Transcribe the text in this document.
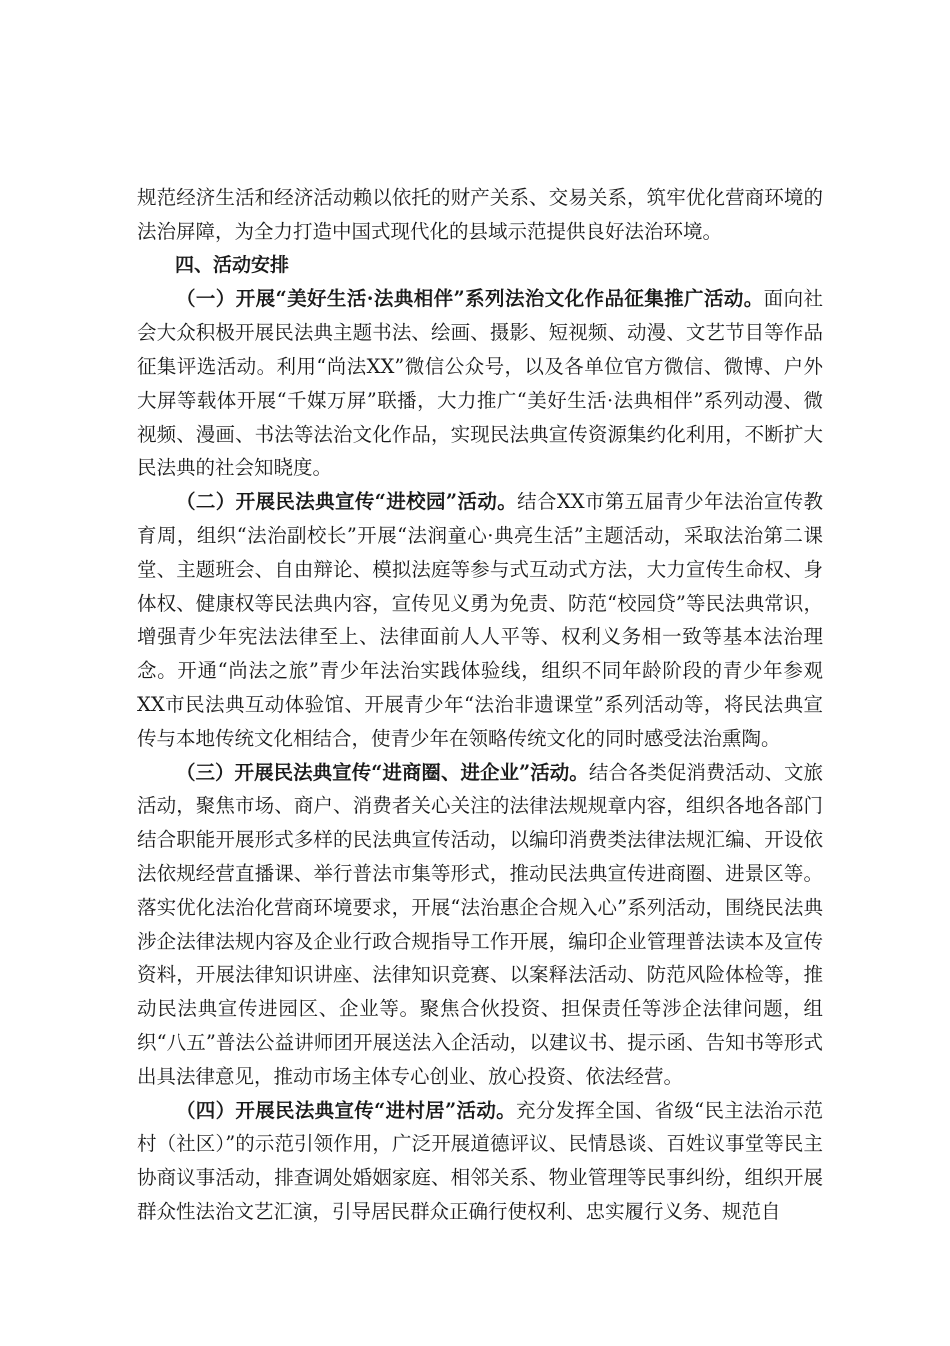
规范经济生活和经济活动赖以依托的财产关系、交易关系，筑牢优化营商环境的法治屏障，为全力打造中国式现代化的县域示范提供良好法治环境。

四、活动安排

（一）开展“美好生活·法典相伴”系列法治文化作品征集推广活动。面向社会大众积极开展民法典主题书法、绘画、摄影、短视频、动漫、文艺节目等作品征集评选活动。利用“尚法XX”微信公众号，以及各单位官方微信、微博、户外大屏等载体开展“千媒万屏”联播，大力推广“美好生活·法典相伴”系列动漫、微视频、漫画、书法等法治文化作品，实现民法典宣传资源集约化利用，不断扩大民法典的社会知晓度。

（二）开展民法典宣传“进校园”活动。结合XX市第五届青少年法治宣传教育周，组织“法治副校长”开展“法润童心·典亮生活”主题活动，采取法治第二课堂、主题班会、自由辩论、模拟法庭等参与式互动式方法，大力宣传生命权、身体权、健康权等民法典内容，宣传见义勇为免责、防范“校园贷”等民法典常识，增强青少年宪法法律至上、法律面前人人平等、权利义务相一致等基本法治理念。开通“尚法之旅”青少年法治实践体验线，组织不同年龄阶段的青少年参观XX市民法典互动体验馆、开展青少年“法治非遗课堂”系列活动等，将民法典宣传与本地传统文化相结合，使青少年在领略传统文化的同时感受法治熏陶。

（三）开展民法典宣传“进商圈、进企业”活动。结合各类促消费活动、文旅活动，聚焦市场、商户、消费者关心关注的法律法规规章内容，组织各地各部门结合职能开展形式多样的民法典宣传活动，以编印消费类法律法规汇编、开设依法依规经营直播课、举行普法市集等形式，推动民法典宣传进商圈、进景区等。落实优化法治化营商环境要求，开展“法治惠企合规入心”系列活动，围绕民法典涉企法律法规内容及企业行政合规指导工作开展，编印企业管理普法读本及宣传资料，开展法律知识讲座、法律知识竞赛、以案释法活动、防范风险体检等，推动民法典宣传进园区、企业等。聚焦合伙投资、担保责任等涉企法律问题，组织“八五”普法公益讲师团开展送法入企活动，以建议书、提示函、告知书等形式出具法律意见，推动市场主体专心创业、放心投资、依法经营。

（四）开展民法典宣传“进村居”活动。充分发挥全国、省级“民主法治示范村（社区）”的示范引领作用，广泛开展道德评议、民情恳谈、百姓议事堂等民主协商议事活动，排查调处婚姻家庭、相邻关系、物业管理等民事纠纷，组织开展群众性法治文艺汇演，引导居民群众正确行使权利、忠实履行义务、规范自
